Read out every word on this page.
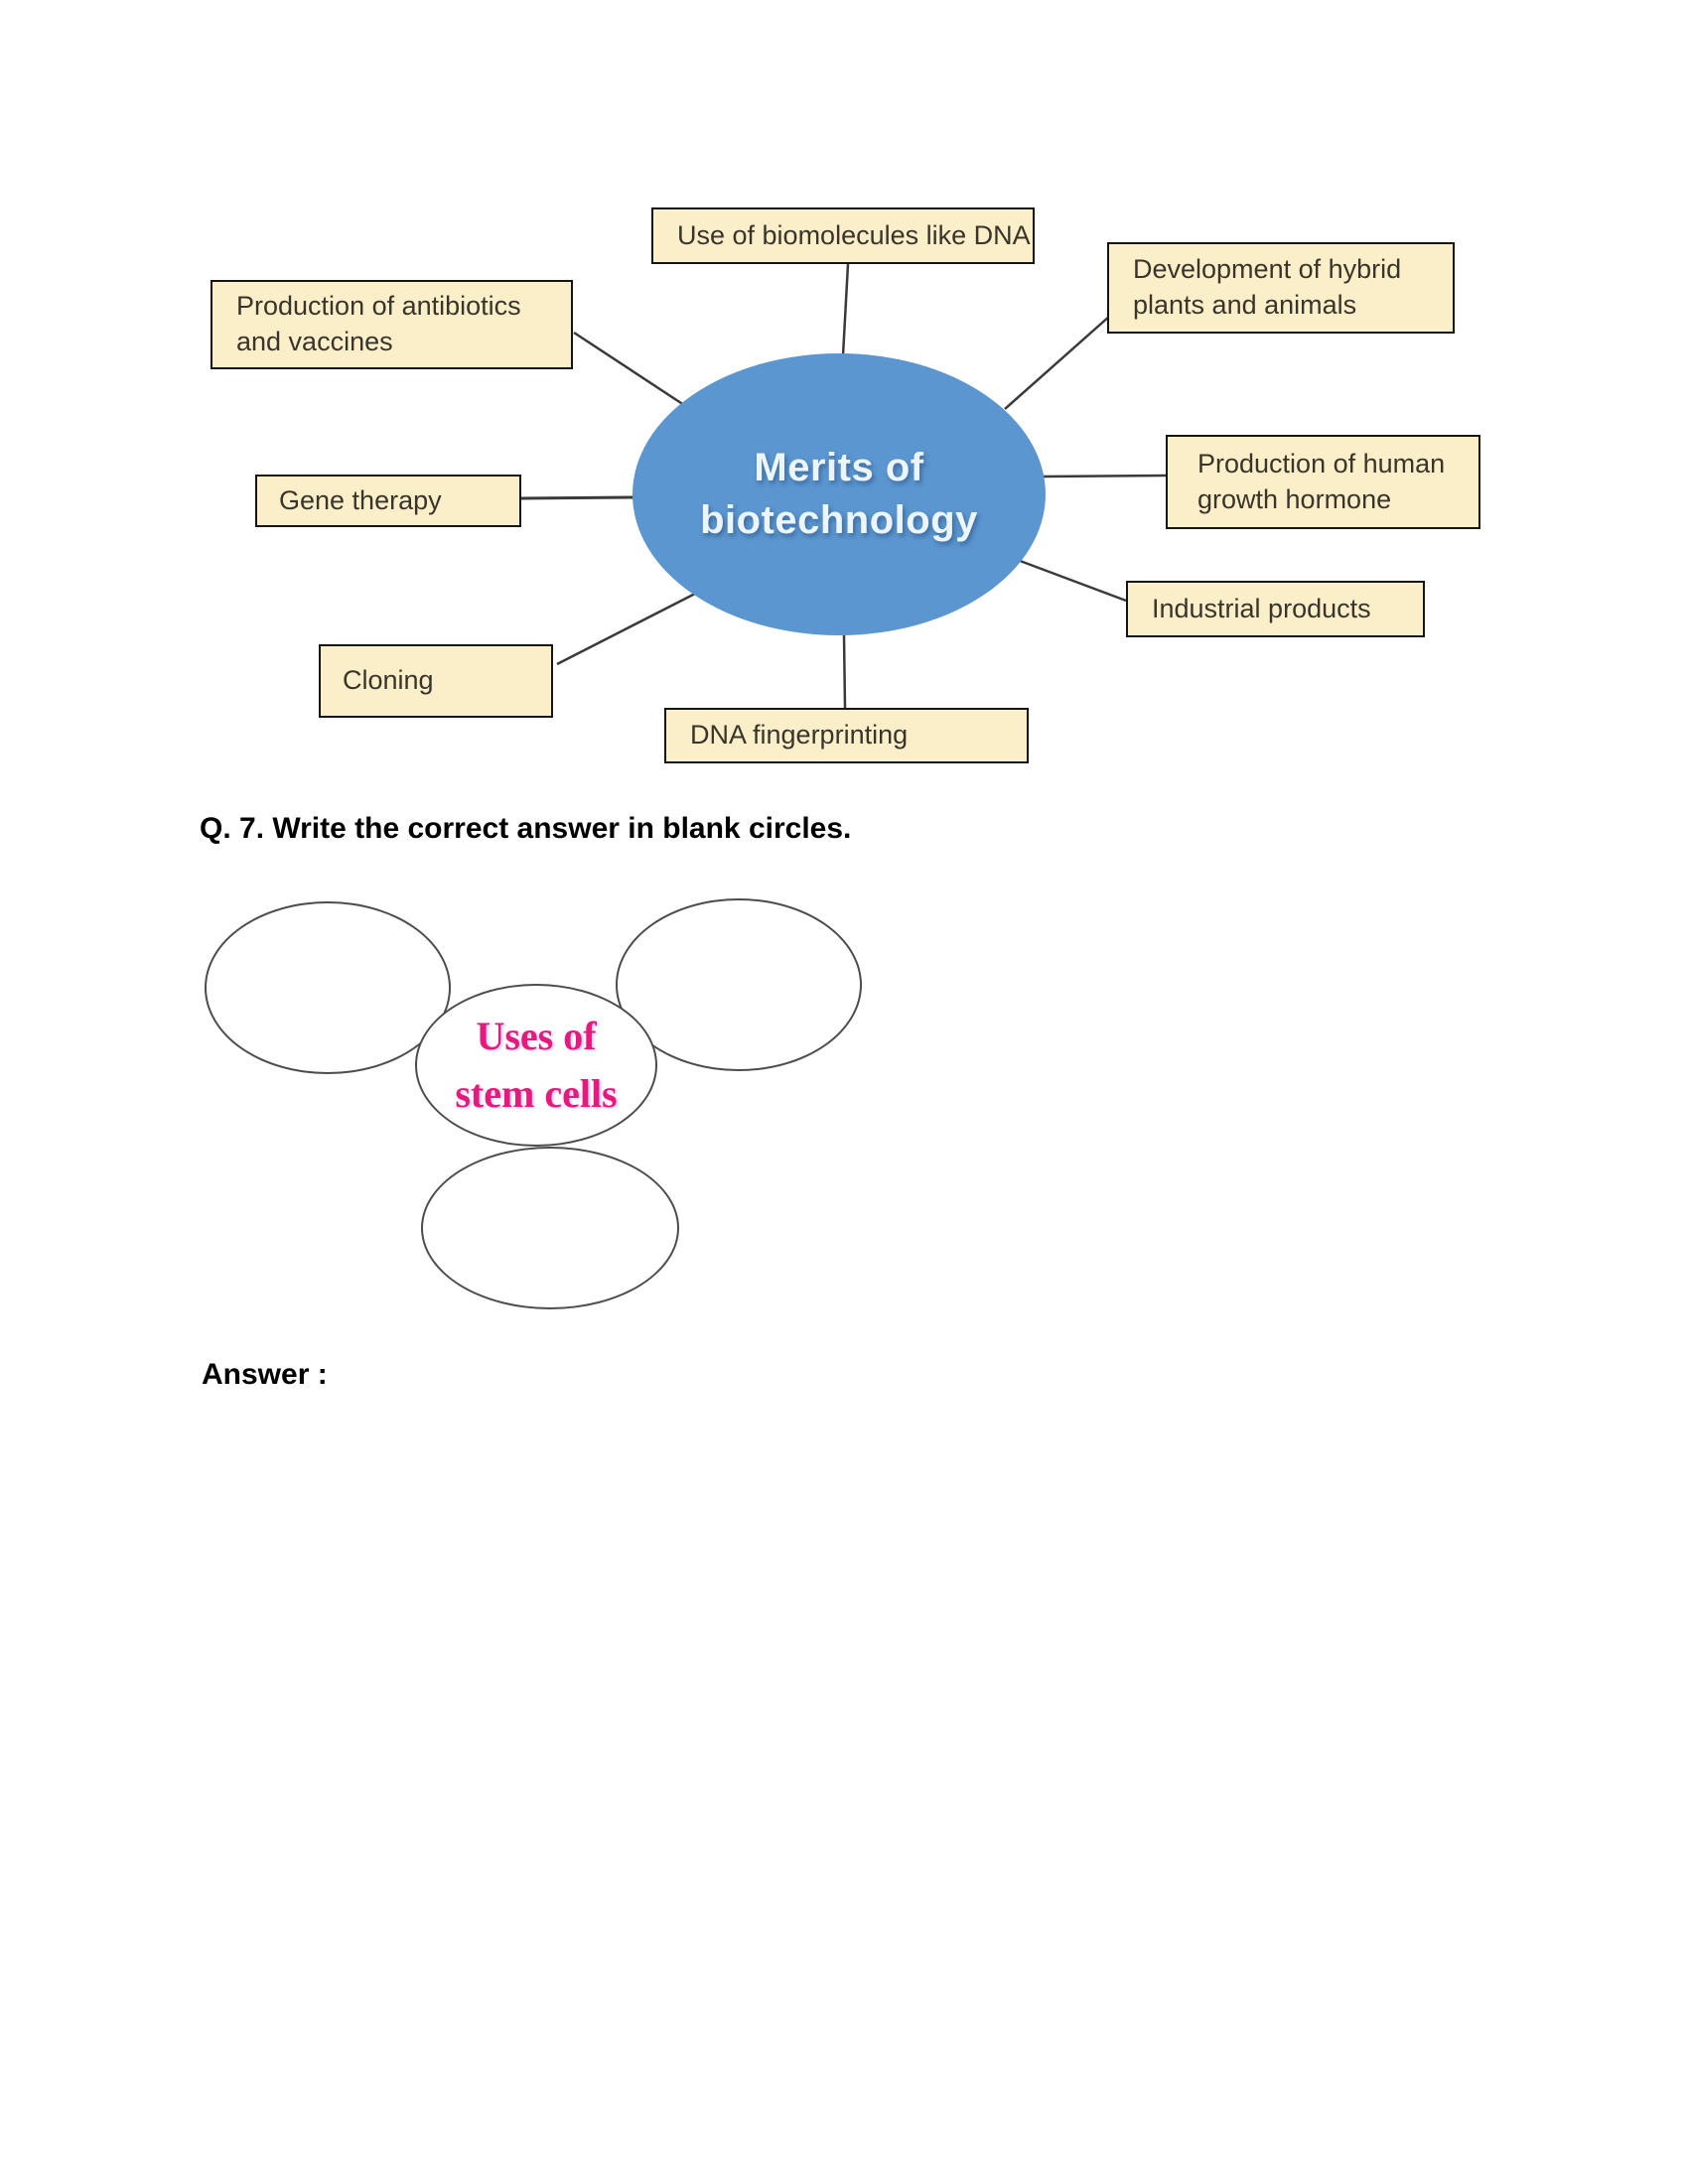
Merits of
biotechnology
Use of biomolecules like DNA
Development of hybrid plants and animals
Production of antibiotics and vaccines
Gene therapy
Production of human growth hormone
Industrial products
Cloning
DNA fingerprinting
Q. 7. Write the correct answer in blank circles.
Uses of
stem cells
Answer :
